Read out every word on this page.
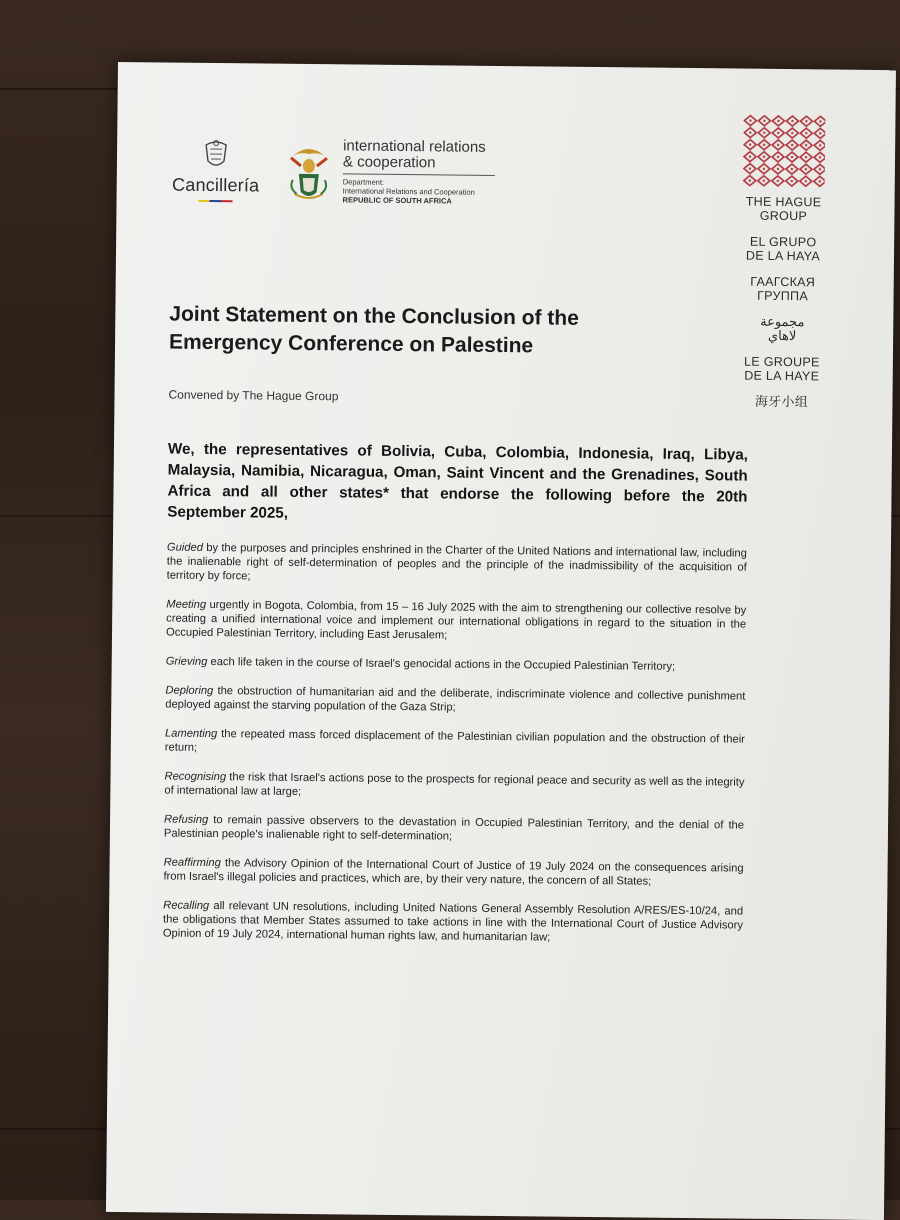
Cancillería
international relations
& cooperation
Department:
International Relations and Cooperation
REPUBLIC OF SOUTH AFRICA	THE HAGUE
GROUP
EL GRUPO
DE LA HAYA
ГААГСКАЯ
ГРУППА
مجموعة
لاهاي
LE GROUPE
DE LA HAYE
海牙小组
Joint Statement on the Conclusion of the Emergency Conference on Palestine
Convened by The Hague Group
We, the representatives of Bolivia, Cuba, Colombia, Indonesia, Iraq, Libya, Malaysia, Namibia, Nicaragua, Oman, Saint Vincent and the Grenadines, South Africa and all other states* that endorse the following before the 20th September 2025,

Guided by the purposes and principles enshrined in the Charter of the United Nations and international law, including the inalienable right of self-determination of peoples and the principle of the inadmissibility of the acquisition of territory by force;

Meeting urgently in Bogota, Colombia, from 15 – 16 July 2025 with the aim to strengthening our collective resolve by creating a unified international voice and implement our international obligations in regard to the situation in the Occupied Palestinian Territory, including East Jerusalem;

Grieving each life taken in the course of Israel's genocidal actions in the Occupied Palestinian Territory;

Deploring the obstruction of humanitarian aid and the deliberate, indiscriminate violence and collective punishment deployed against the starving population of the Gaza Strip;

Lamenting the repeated mass forced displacement of the Palestinian civilian population and the obstruction of their return;

Recognising the risk that Israel's actions pose to the prospects for regional peace and security as well as the integrity of international law at large;

Refusing to remain passive observers to the devastation in Occupied Palestinian Territory, and the denial of the Palestinian people's inalienable right to self-determination;

Reaffirming the Advisory Opinion of the International Court of Justice of 19 July 2024 on the consequences arising from Israel's illegal policies and practices, which are, by their very nature, the concern of all States;

Recalling all relevant UN resolutions, including United Nations General Assembly Resolution A/RES/ES-10/24, and the obligations that Member States assumed to take actions in line with the International Court of Justice Advisory Opinion of 19 July 2024, international human rights law, and humanitarian law;
